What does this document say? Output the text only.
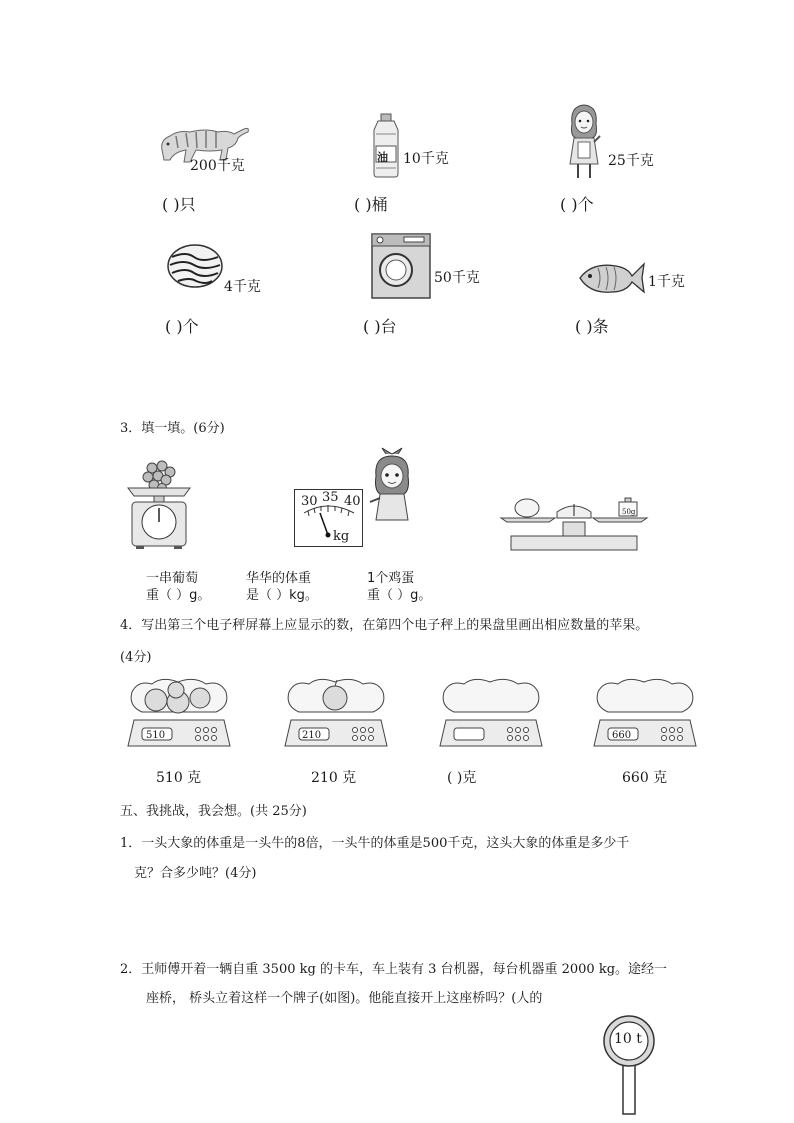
200千克
( )只
油 10千克
( )桶
25千克
( )个
4千克
( )个
50千克
( )台
1千克
( )条
3．填一填。(6分)
30 35 40
kg
50g
一串葡萄
重（ ）g。
华华的体重
是（ ）kg。
1个鸡蛋
重（ ）g。
4．写出第三个电子秤屏幕上应显示的数，在第四个电子秤上的果盘里画出相应数量的苹果。
(4分)
510	210	660
510 克	210 克	( )克	660 克
五、我挑战，我会想。(共 25分)
1．一头大象的体重是一头牛的8倍，一头牛的体重是500千克，这头大象的体重是多少千
克？合多少吨？(4分)
2．王师傅开着一辆自重 3500 kg 的卡车，车上装有 3 台机器，每台机器重 2000 kg。途经一
座桥， 桥头立着这样一个牌子(如图)。他能直接开上这座桥吗？(人的
10 t
